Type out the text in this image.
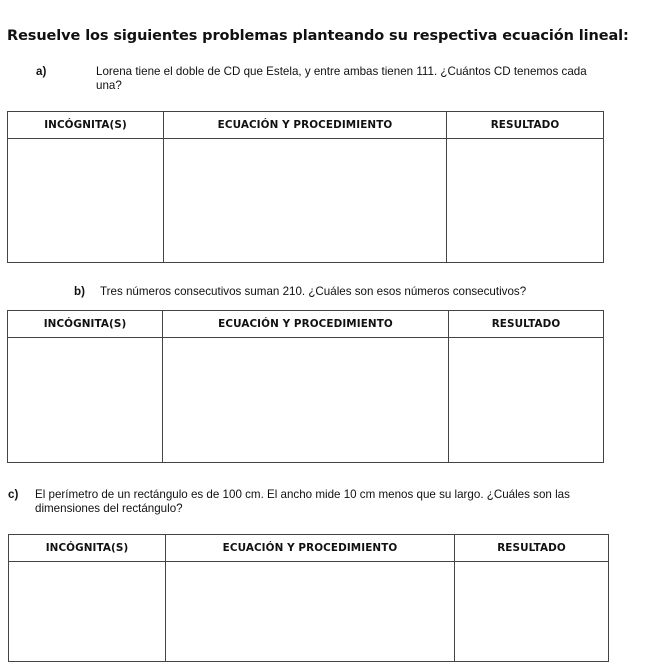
Resuelve los siguientes problemas planteando su respectiva ecuación lineal:
a)	Lorena tiene el doble de CD que Estela, y entre ambas tienen 111. ¿Cuántos CD tenemos cada una?
INCÓGNITA(S)	ECUACIÓN Y PROCEDIMIENTO	RESULTADO

b)	Tres números consecutivos suman 210. ¿Cuáles son esos números consecutivos?
INCÓGNITA(S)	ECUACIÓN Y PROCEDIMIENTO	RESULTADO

c)	El perímetro de un rectángulo es de 100 cm. El ancho mide 10 cm menos que su largo. ¿Cuáles son las dimensiones del rectángulo?
INCÓGNITA(S)	ECUACIÓN Y PROCEDIMIENTO	RESULTADO
